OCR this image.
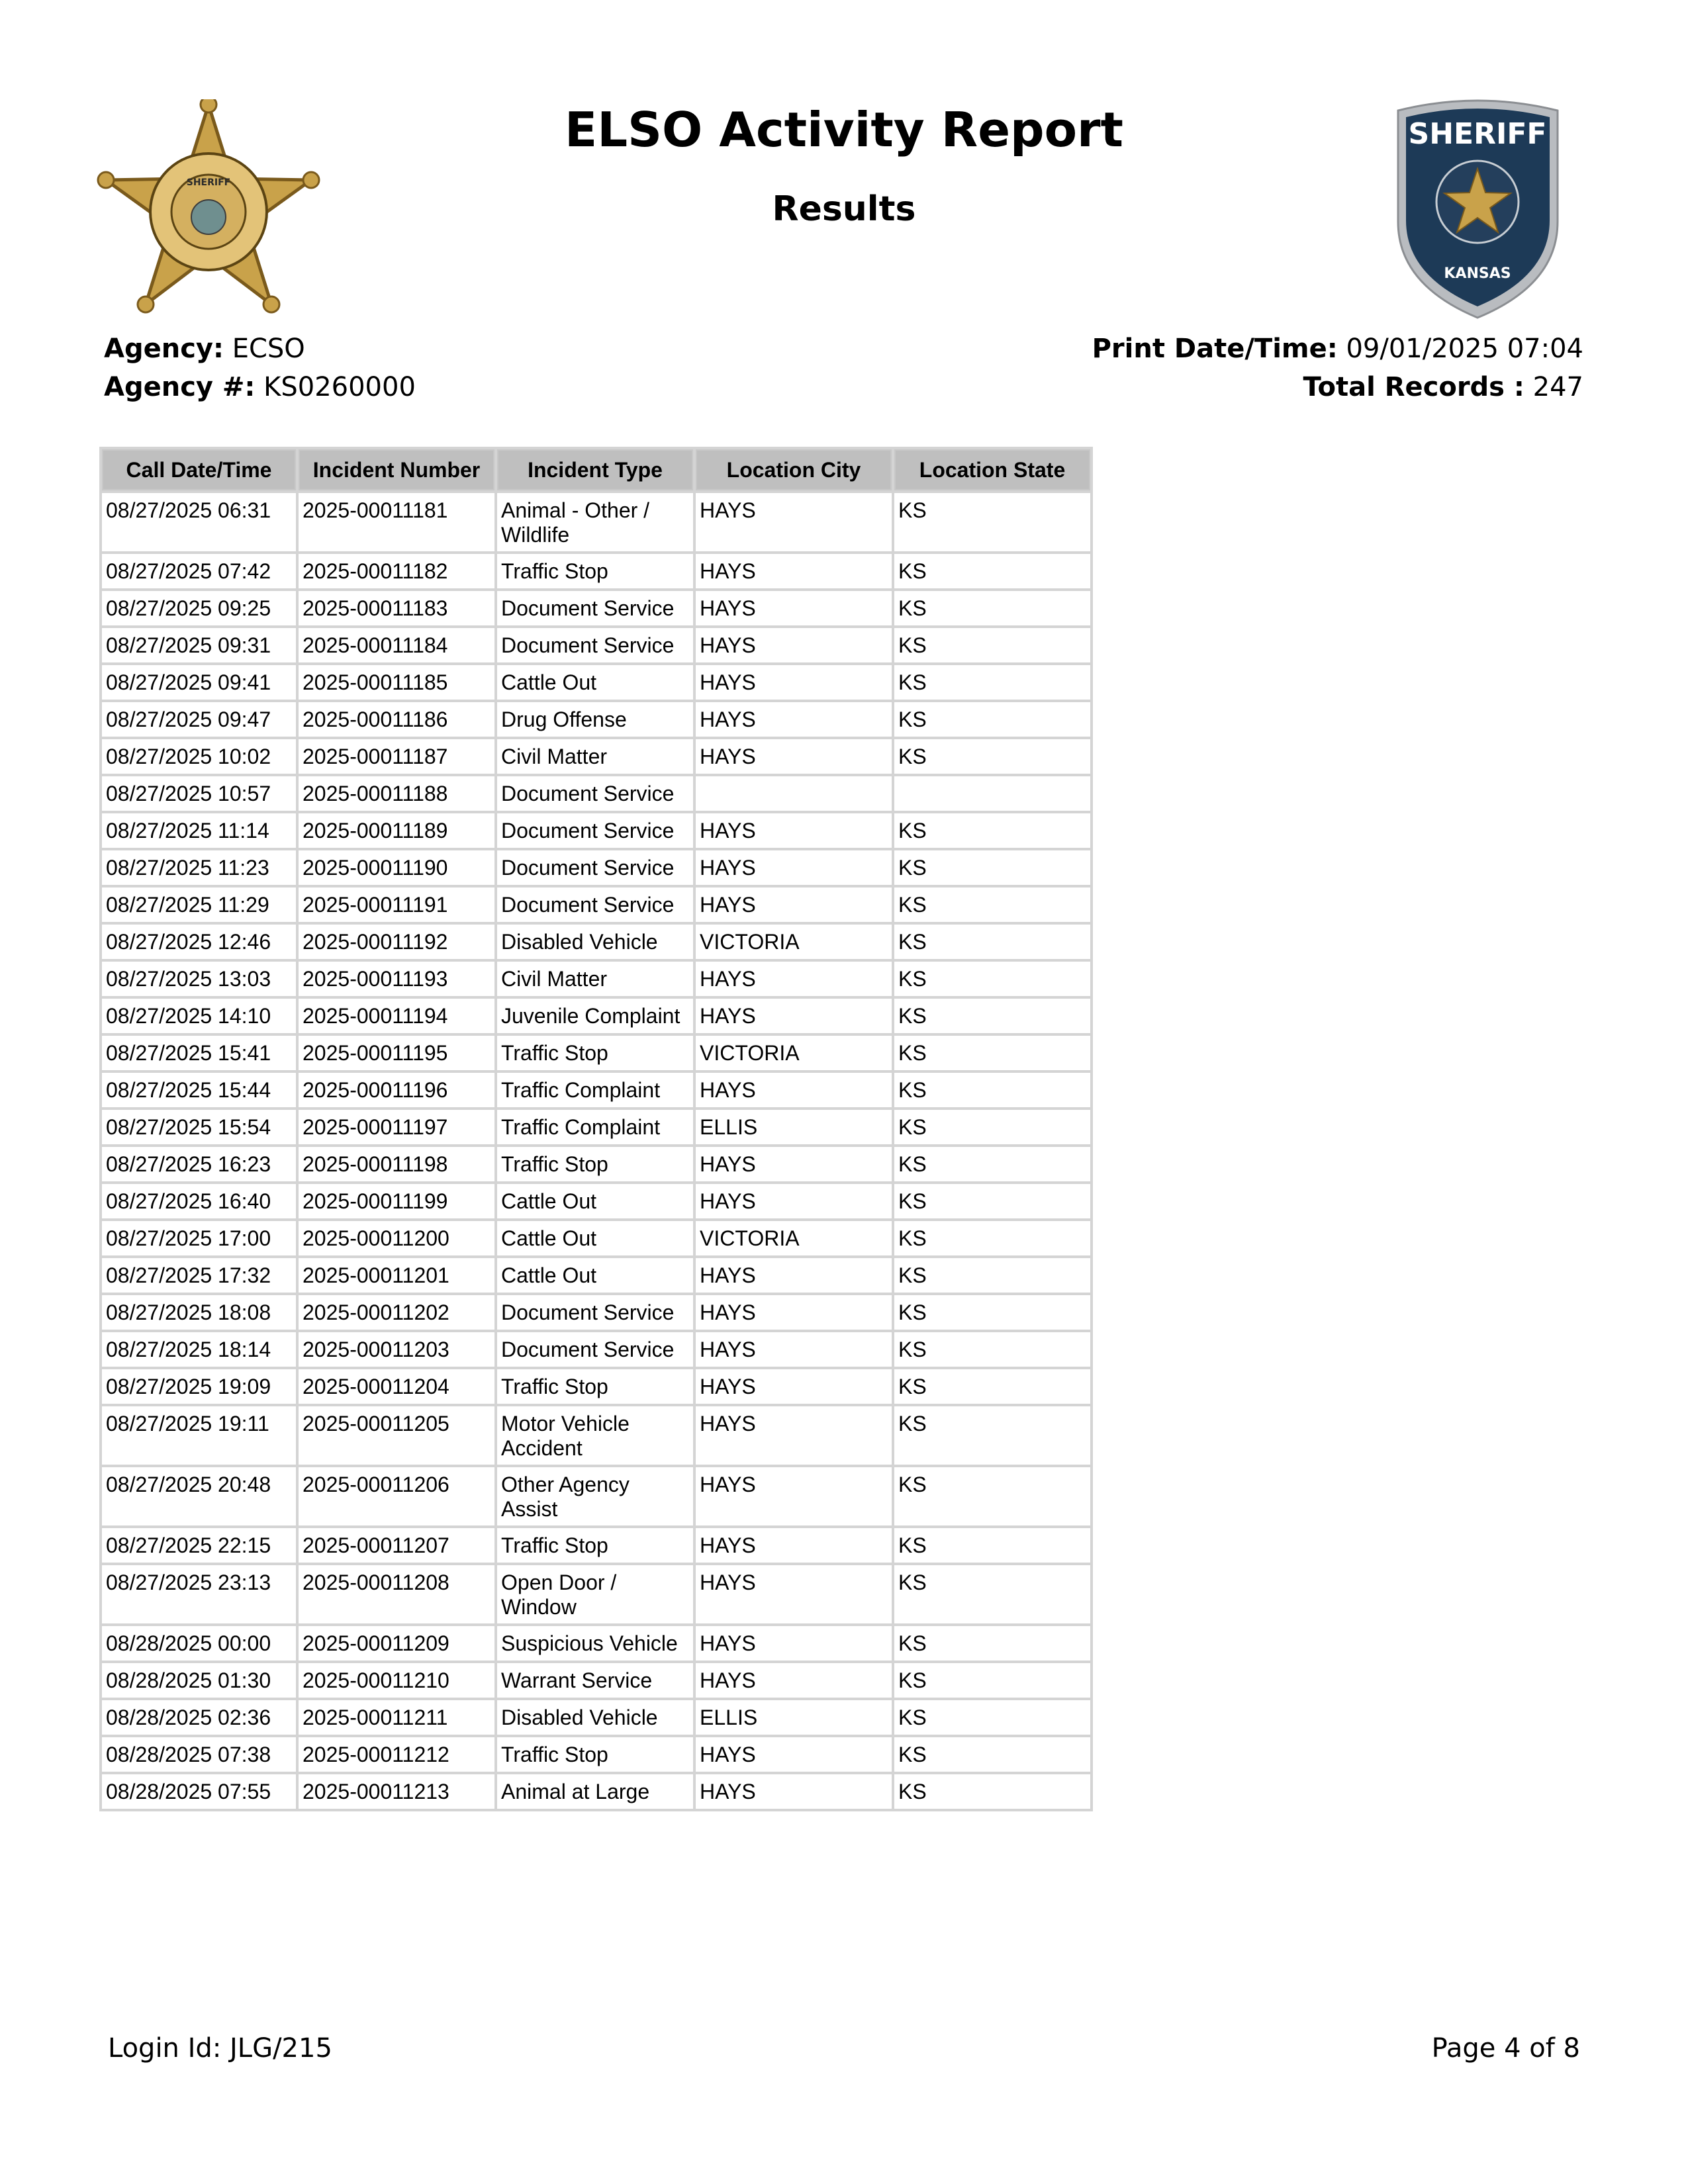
SHERIFF
SHERIFF
KANSAS
ELSO Activity Report
Results
Agency: ECSO
Agency #: KS0260000
Print Date/Time: 09/01/2025 07:04
Total Records : 247
Call Date/Time	Incident Number	Incident Type	Location City	Location State
08/27/2025 06:31	2025-00011181	Animal - Other / Wildlife	HAYS	KS
08/27/2025 07:42	2025-00011182	Traffic Stop	HAYS	KS
08/27/2025 09:25	2025-00011183	Document Service	HAYS	KS
08/27/2025 09:31	2025-00011184	Document Service	HAYS	KS
08/27/2025 09:41	2025-00011185	Cattle Out	HAYS	KS
08/27/2025 09:47	2025-00011186	Drug Offense	HAYS	KS
08/27/2025 10:02	2025-00011187	Civil Matter	HAYS	KS
08/27/2025 10:57	2025-00011188	Document Service		
08/27/2025 11:14	2025-00011189	Document Service	HAYS	KS
08/27/2025 11:23	2025-00011190	Document Service	HAYS	KS
08/27/2025 11:29	2025-00011191	Document Service	HAYS	KS
08/27/2025 12:46	2025-00011192	Disabled Vehicle	VICTORIA	KS
08/27/2025 13:03	2025-00011193	Civil Matter	HAYS	KS
08/27/2025 14:10	2025-00011194	Juvenile Complaint	HAYS	KS
08/27/2025 15:41	2025-00011195	Traffic Stop	VICTORIA	KS
08/27/2025 15:44	2025-00011196	Traffic Complaint	HAYS	KS
08/27/2025 15:54	2025-00011197	Traffic Complaint	ELLIS	KS
08/27/2025 16:23	2025-00011198	Traffic Stop	HAYS	KS
08/27/2025 16:40	2025-00011199	Cattle Out	HAYS	KS
08/27/2025 17:00	2025-00011200	Cattle Out	VICTORIA	KS
08/27/2025 17:32	2025-00011201	Cattle Out	HAYS	KS
08/27/2025 18:08	2025-00011202	Document Service	HAYS	KS
08/27/2025 18:14	2025-00011203	Document Service	HAYS	KS
08/27/2025 19:09	2025-00011204	Traffic Stop	HAYS	KS
08/27/2025 19:11	2025-00011205	Motor Vehicle Accident	HAYS	KS
08/27/2025 20:48	2025-00011206	Other Agency Assist	HAYS	KS
08/27/2025 22:15	2025-00011207	Traffic Stop	HAYS	KS
08/27/2025 23:13	2025-00011208	Open Door / Window	HAYS	KS
08/28/2025 00:00	2025-00011209	Suspicious Vehicle	HAYS	KS
08/28/2025 01:30	2025-00011210	Warrant Service	HAYS	KS
08/28/2025 02:36	2025-00011211	Disabled Vehicle	ELLIS	KS
08/28/2025 07:38	2025-00011212	Traffic Stop	HAYS	KS
08/28/2025 07:55	2025-00011213	Animal at Large	HAYS	KS
Login Id: JLG/215	Page 4 of 8
